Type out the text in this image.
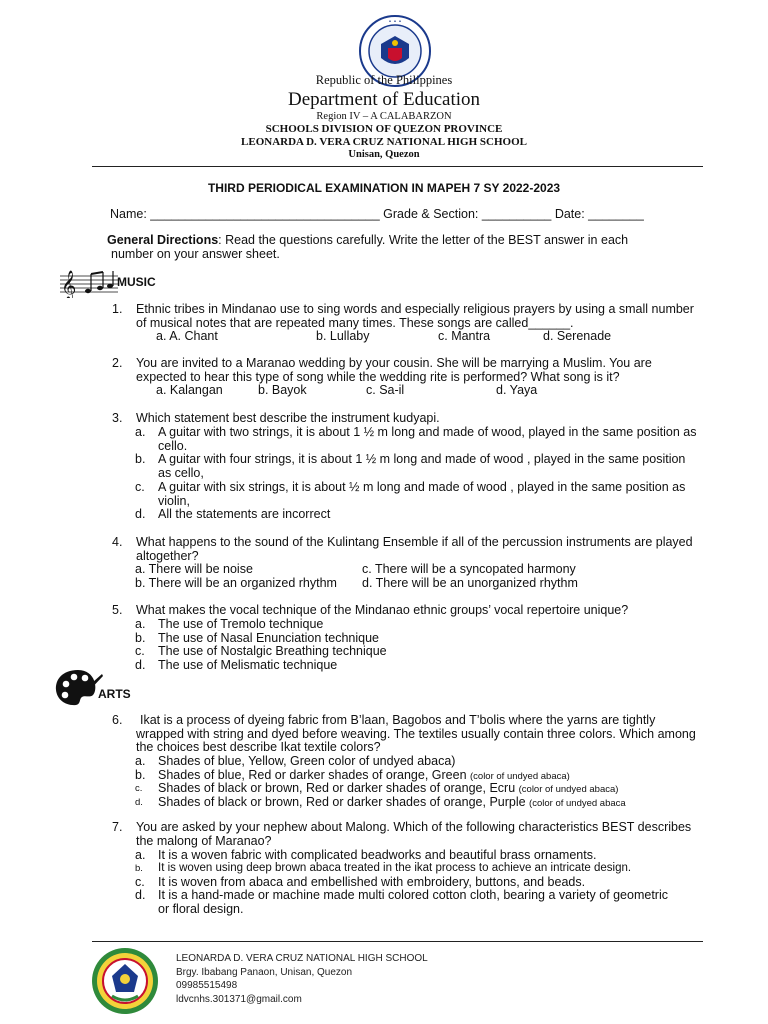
• • •
Republic of the Philippines
Department of Education
Region IV – A CALABARZON
SCHOOLS DIVISION OF QUEZON PROVINCE
LEONARDA D. VERA CRUZ NATIONAL HIGH SCHOOL
Unisan, Quezon
THIRD PERIODICAL EXAMINATION IN MAPEH 7 SY 2022-2023
Name: _________________________________ Grade & Section: __________ Date: ________
General Directions: Read the questions carefully. Write the letter of the BEST answer in each
number on your answer sheet.
𝄞	MUSIC
1. Ethnic tribes in Mindanao use to sing words and especially religious prayers by using a small number of musical notes that are repeated many times. These songs are called______.
a. A. Chant	b. Lullaby	c. Mantra	d. Serenade
2. You are invited to a Maranao wedding by your cousin. She will be marrying a Muslim. You are expected to hear this type of song while the wedding rite is performed? What song is it?
a. Kalangan	b. Bayok	c. Sa-il	d. Yaya
3. Which statement best describe the instrument kudyapi.
a. A guitar with two strings, it is about 1 ½ m long and made of wood, played in the same position as cello.
b. A guitar with four strings, it is about 1 ½ m long and made of wood , played in the same position as cello,
c. A guitar with six strings, it is about ½ m long and made of wood , played in the same position as violin,
d. All the statements are incorrect
4. What happens to the sound of the Kulintang Ensemble if all of the percussion instruments are played altogether?
a. There will be noise	c. There will be a syncopated harmony
b. There will be an organized rhythm d. There will be an unorganized rhythm
5. What makes the vocal technique of the Mindanao ethnic groups’ vocal repertoire unique?
a. The use of Tremolo technique
b. The use of Nasal Enunciation technique
c. The use of Nostalgic Breathing technique
d. The use of Melismatic technique
ARTS
6.	Ikat is a process of dyeing fabric from B’laan, Bagobos and T’bolis where the yarns are tightly wrapped with string and dyed before weaving. The textiles usually contain three colors. Which among the choices best describe Ikat textile colors?
a. Shades of blue, Yellow, Green color of undyed abaca)
b. Shades of blue, Red or darker shades of orange, Green (color of undyed abaca)
c. Shades of black or brown, Red or darker shades of orange, Ecru (color of undyed abaca)
d. Shades of black or brown, Red or darker shades of orange, Purple (color of undyed abaca
7. You are asked by your nephew about Malong. Which of the following characteristics BEST describes the malong of Maranao?
a. It is a woven fabric with complicated beadworks and beautiful brass ornaments.
b. It is woven using deep brown abaca treated in the ikat process to achieve an intricate design.
c. It is woven from abaca and embellished with embroidery, buttons, and beads.
d. It is a hand-made or machine made multi colored cotton cloth, bearing a variety of geometric or floral design.
LEONARDA D. VERA CRUZ NATIONAL HIGH SCHOOL
Brgy. Ibabang Panaon, Unisan, Quezon
09985515498
ldvcnhs.301371@gmail.com
